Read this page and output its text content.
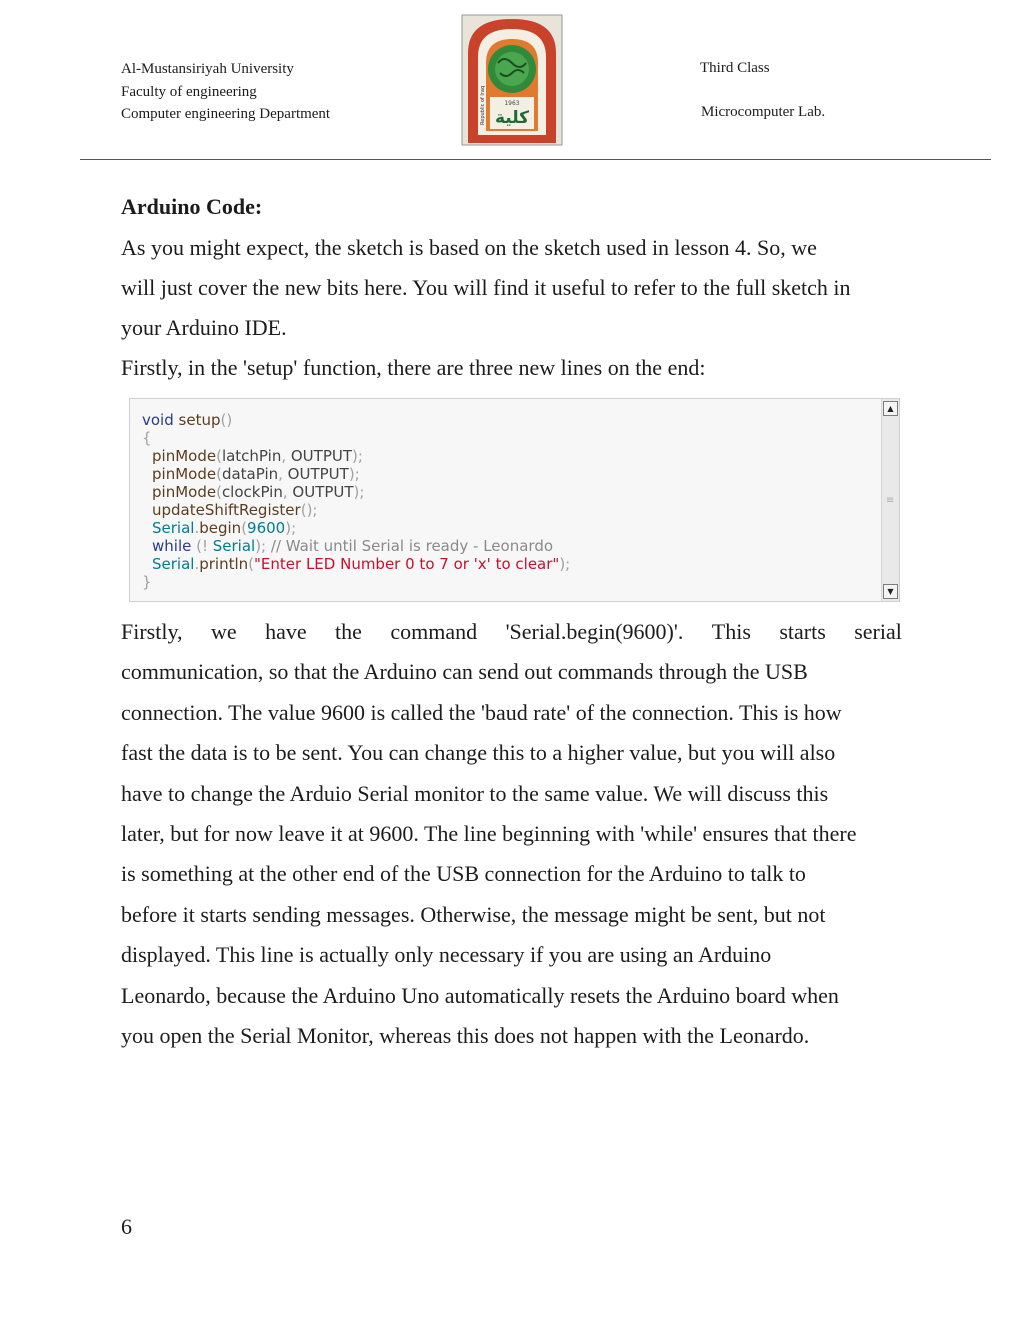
Al-Mustansiriyah University
Faculty of engineering
Computer engineering Department
Third Class
Microcomputer Lab.
1963
كلية
Republic of Iraq
Arduino Code:

As you might expect, the sketch is based on the sketch used in lesson 4. So, we
will just cover the new bits here. You will find it useful to refer to the full sketch in
your Arduino IDE.
Firstly, in the 'setup' function, there are three new lines on the end:

void setup()
{
pinMode(latchPin, OUTPUT);
pinMode(dataPin, OUTPUT);
pinMode(clockPin, OUTPUT);
updateShiftRegister();
Serial.begin(9600);
while (! Serial); // Wait until Serial is ready - Leonardo
Serial.println("Enter LED Number 0 to 7 or 'x' to clear");
}
▲
≡
▼

Firstly, we have the command 'Serial.begin(9600)'. This starts serial
communication, so that the Arduino can send out commands through the USB
connection. The value 9600 is called the 'baud rate' of the connection. This is how
fast the data is to be sent. You can change this to a higher value, but you will also
have to change the Arduio Serial monitor to the same value. We will discuss this
later, but for now leave it at 9600. The line beginning with 'while' ensures that there
is something at the other end of the USB connection for the Arduino to talk to
before it starts sending messages. Otherwise, the message might be sent, but not
displayed. This line is actually only necessary if you are using an Arduino
Leonardo, because the Arduino Uno automatically resets the Arduino board when
you open the Serial Monitor, whereas this does not happen with the Leonardo.

6
